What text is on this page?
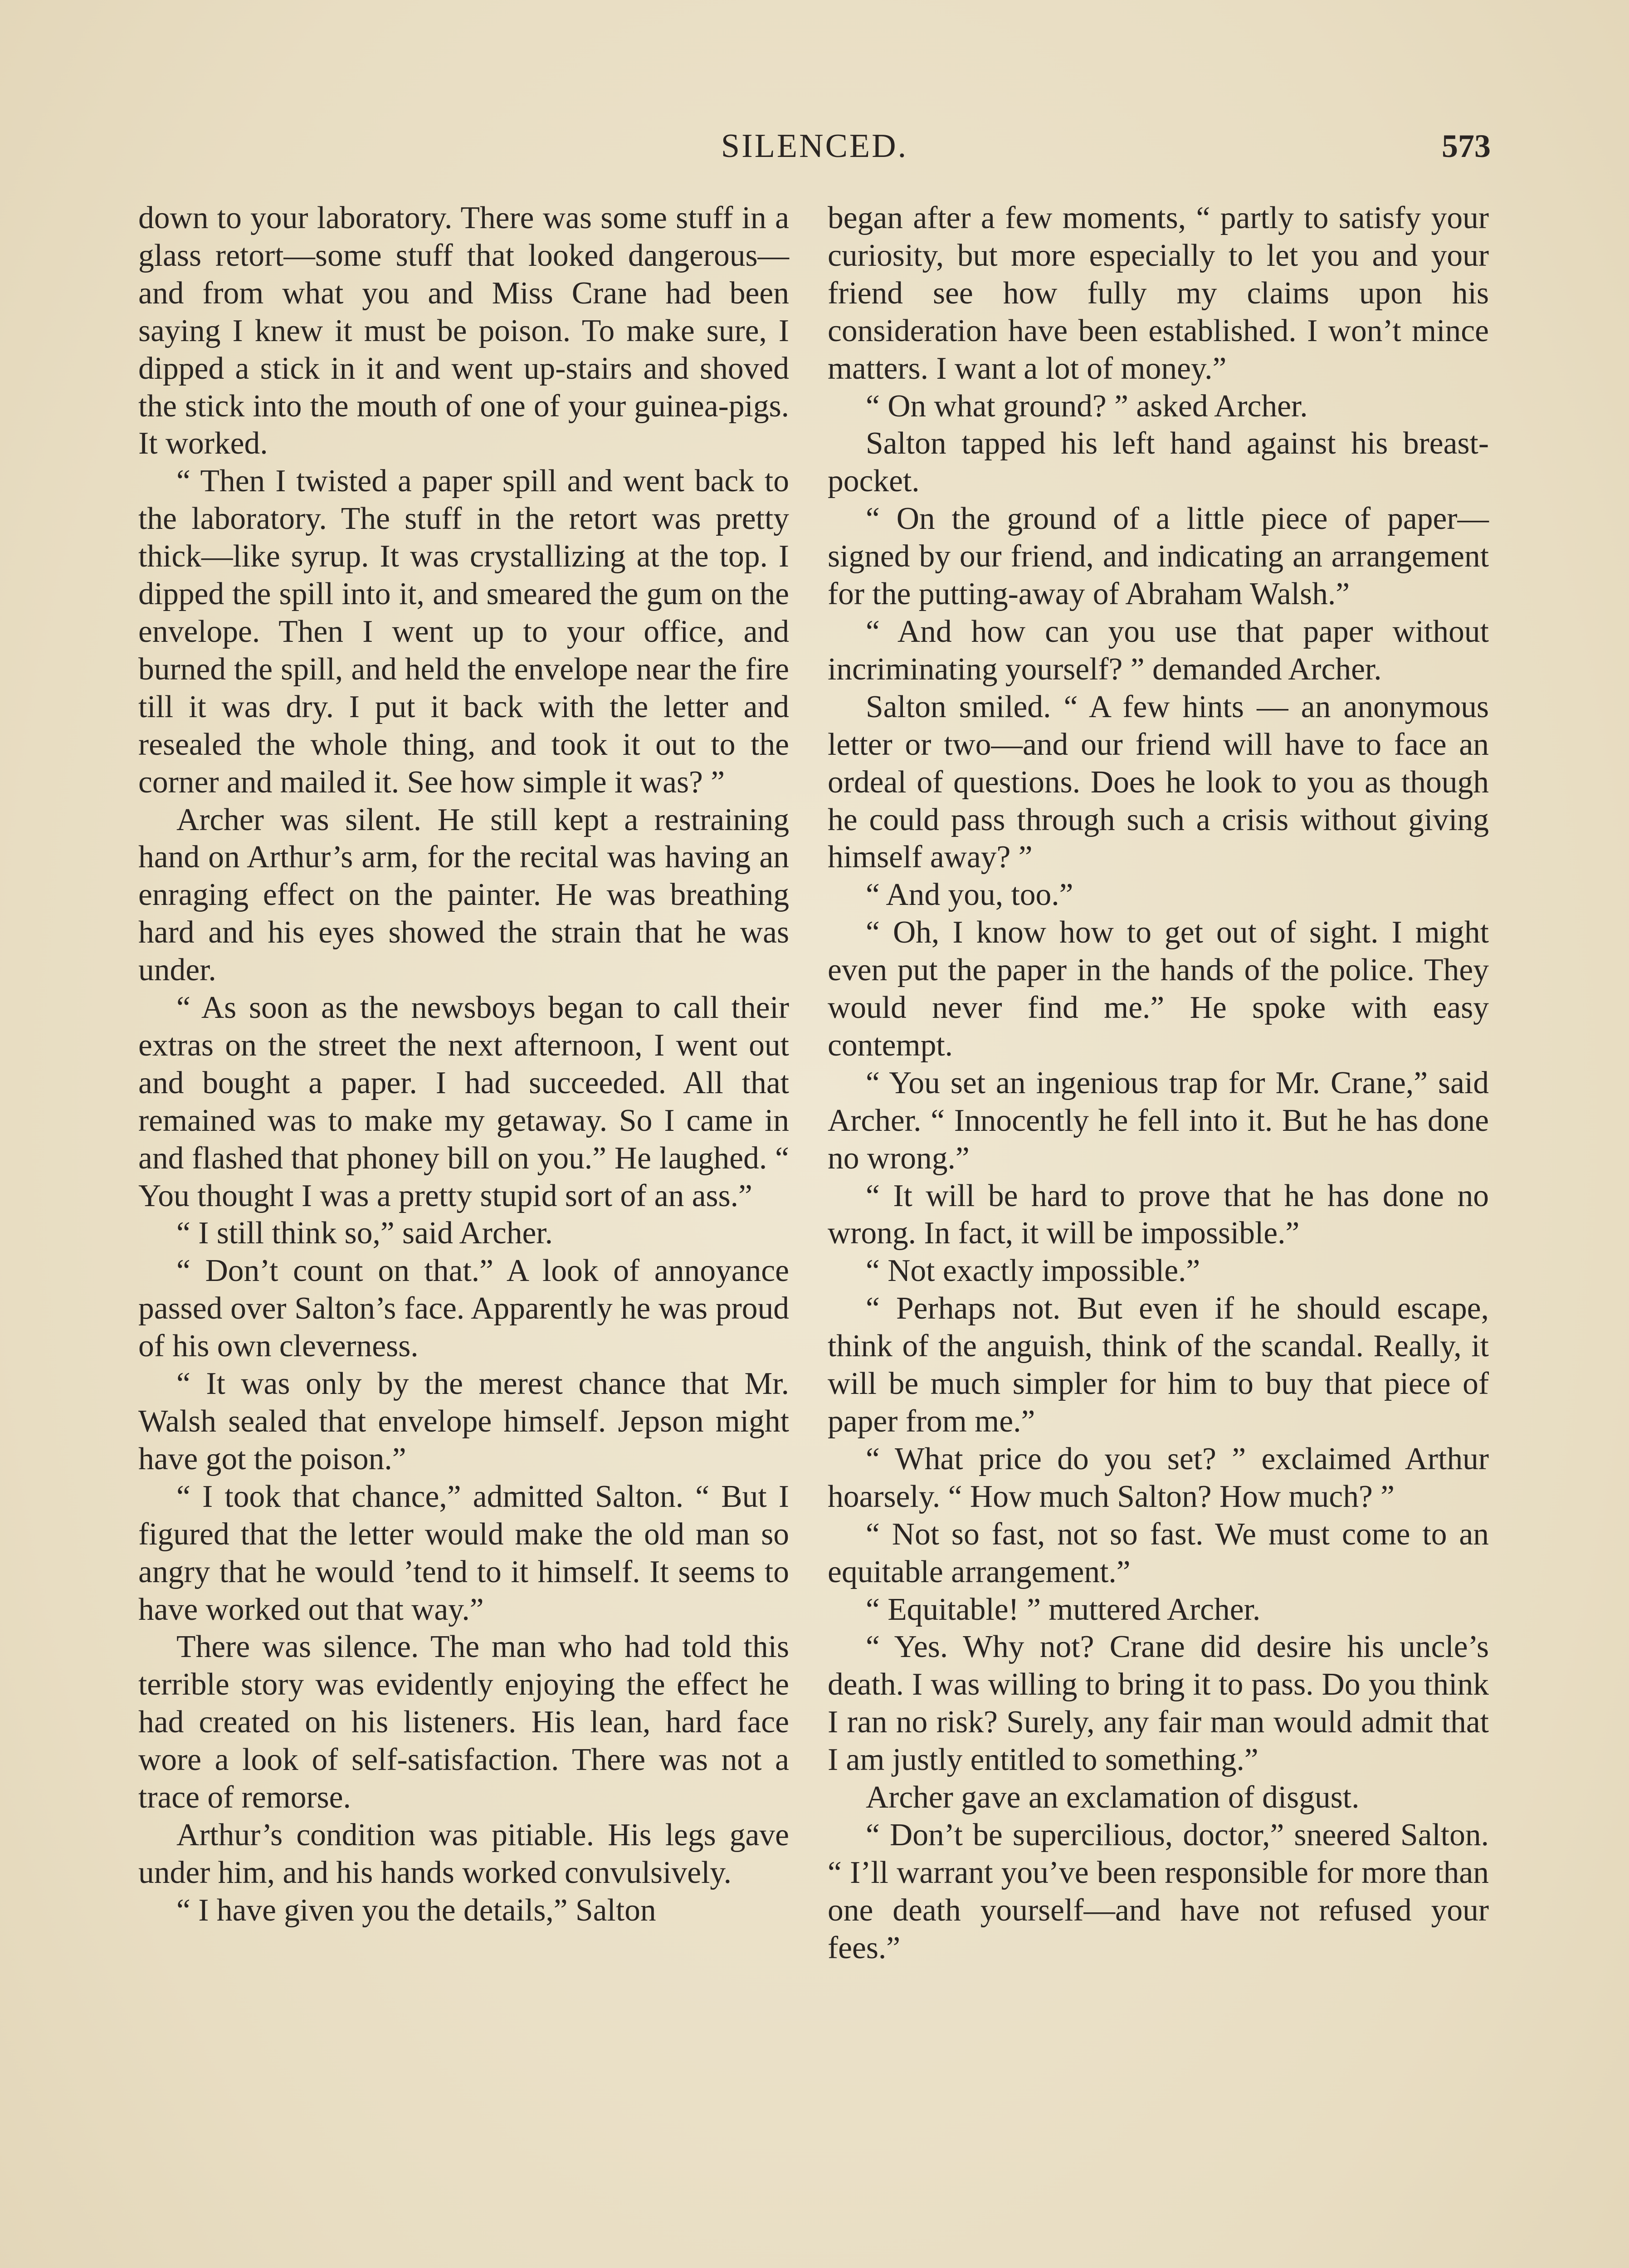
SILENCED.	573

down to your laboratory. There was some stuff in a glass retort—some stuff that looked dangerous—and from what you and Miss Crane had been saying I knew it must be poison. To make sure, I dipped a stick in it and went up-stairs and shoved the stick into the mouth of one of your guinea-pigs. It worked.

“ Then I twisted a paper spill and went back to the laboratory. The stuff in the retort was pretty thick—like syrup. It was crystallizing at the top. I dipped the spill into it, and smeared the gum on the envelope. Then I went up to your office, and burned the spill, and held the envelope near the fire till it was dry. I put it back with the letter and resealed the whole thing, and took it out to the corner and mailed it. See how simple it was? ”

Archer was silent. He still kept a restraining hand on Arthur’s arm, for the recital was having an enraging effect on the painter. He was breathing hard and his eyes showed the strain that he was under.

“ As soon as the newsboys began to call their extras on the street the next afternoon, I went out and bought a paper. I had succeeded. All that remained was to make my getaway. So I came in and flashed that phoney bill on you.” He laughed. “ You thought I was a pretty stupid sort of an ass.”

“ I still think so,” said Archer.

“ Don’t count on that.” A look of annoyance passed over Salton’s face. Apparently he was proud of his own cleverness.

“ It was only by the merest chance that Mr. Walsh sealed that envelope himself. Jepson might have got the poison.”

“ I took that chance,” admitted Salton. “ But I figured that the letter would make the old man so angry that he would ’tend to it himself. It seems to have worked out that way.”

There was silence. The man who had told this terrible story was evidently enjoying the effect he had created on his listeners. His lean, hard face wore a look of self-satisfaction. There was not a trace of remorse.

Arthur’s condition was pitiable. His legs gave under him, and his hands worked convulsively.

“ I have given you the details,” Salton

began after a few moments, “ partly to satisfy your curiosity, but more especially to let you and your friend see how fully my claims upon his consideration have been established. I won’t mince matters. I want a lot of money.”

“ On what ground? ” asked Archer.

Salton tapped his left hand against his breast-pocket.

“ On the ground of a little piece of paper—signed by our friend, and indicating an arrangement for the putting-away of Abraham Walsh.”

“ And how can you use that paper without incriminating yourself? ” demanded Archer.

Salton smiled. “ A few hints — an anonymous letter or two—and our friend will have to face an ordeal of questions. Does he look to you as though he could pass through such a crisis without giving himself away? ”

“ And you, too.”

“ Oh, I know how to get out of sight. I might even put the paper in the hands of the police. They would never find me.” He spoke with easy contempt.

“ You set an ingenious trap for Mr. Crane,” said Archer. “ Innocently he fell into it. But he has done no wrong.”

“ It will be hard to prove that he has done no wrong. In fact, it will be impossible.”

“ Not exactly impossible.”

“ Perhaps not. But even if he should escape, think of the anguish, think of the scandal. Really, it will be much simpler for him to buy that piece of paper from me.”

“ What price do you set? ” exclaimed Arthur hoarsely. “ How much Salton? How much? ”

“ Not so fast, not so fast. We must come to an equitable arrangement.”

“ Equitable! ” muttered Archer.

“ Yes. Why not? Crane did desire his uncle’s death. I was willing to bring it to pass. Do you think I ran no risk? Surely, any fair man would admit that I am justly entitled to something.”

Archer gave an exclamation of disgust.

“ Don’t be supercilious, doctor,” sneered Salton. “ I’ll warrant you’ve been responsible for more than one death yourself—and have not refused your fees.”
